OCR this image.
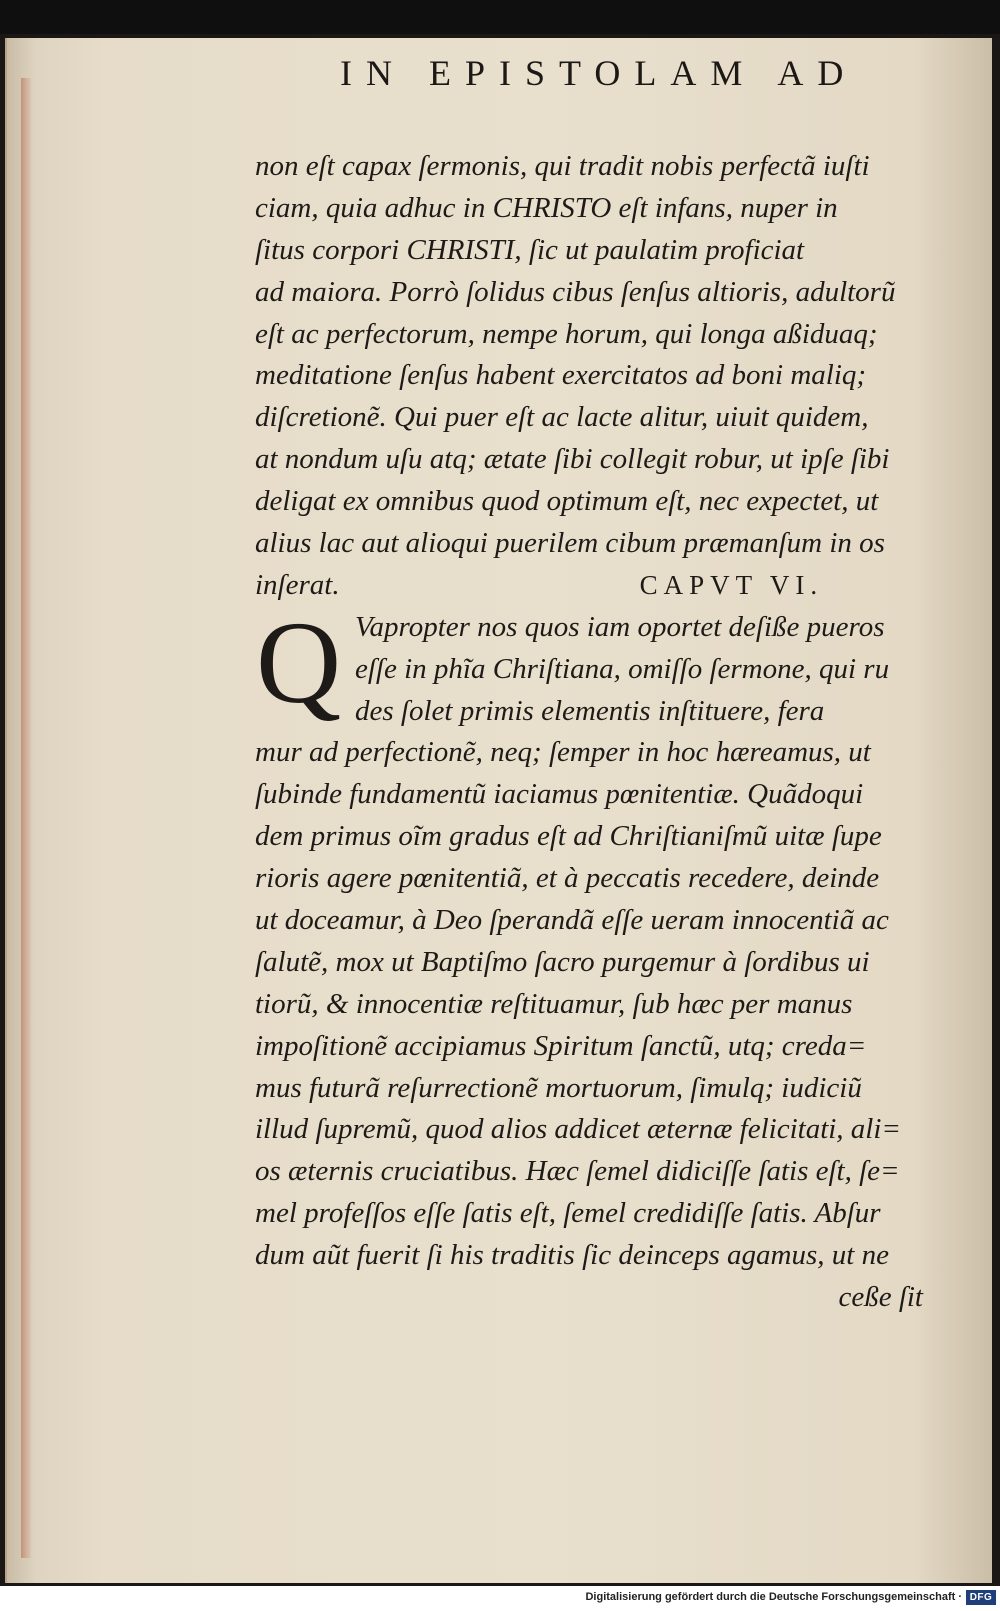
IN EPISTOLAM AD
Q
non eſt capax ſermonis, qui tradit nobis perfectã iuſti
ciam, quia adhuc in CHRISTO eſt infans, nuper in
ſitus corpori CHRISTI, ſic ut paulatim proficiat
ad maiora. Porrò ſolidus cibus ſenſus altioris, adultorũ
eſt ac perfectorum, nempe horum, qui longa aßiduaq;
meditatione ſenſus habent exercitatos ad boni maliq;
diſcretionẽ. Qui puer eſt ac lacte alitur, uiuit quidem,
at nondum uſu atq; ætate ſibi collegit robur, ut ipſe ſibi
deligat ex omnibus quod optimum eſt, nec expectet, ut
alius lac aut alioqui puerilem cibum præmanſum in os
inſerat.	CAPVT VI.
Vapropter nos quos iam oportet deſiße pueros
eſſe in phĩa Chriſtiana, omiſſo ſermone, qui ru
des ſolet primis elementis inſtituere, fera
mur ad perfectionẽ, neq; ſemper in hoc hæreamus, ut
ſubinde fundamentũ iaciamus pœnitentiæ. Quãdoqui
dem primus oĩm gradus eſt ad Chriſtianiſmũ uitæ ſupe
rioris agere pœnitentiã, et à peccatis recedere, deinde
ut doceamur, à Deo ſperandã eſſe ueram innocentiã ac
ſalutẽ, mox ut Baptiſmo ſacro purgemur à ſordibus ui
tiorũ, & innocentiæ reſtituamur, ſub hæc per manus
impoſitionẽ accipiamus Spiritum ſanctũ, utq; creda=
mus futurã reſurrectionẽ mortuorum, ſimulq; iudiciũ
illud ſupremũ, quod alios addicet æternæ felicitati, ali=
os æternis cruciatibus. Hæc ſemel didiciſſe ſatis eſt, ſe=
mel profeſſos eſſe ſatis eſt, ſemel credidiſſe ſatis. Abſur
dum aũt fuerit ſi his traditis ſic deinceps agamus, ut ne
ceße ſit
Digitalisierung gefördert durch die Deutsche Forschungsgemeinschaft · DFG
